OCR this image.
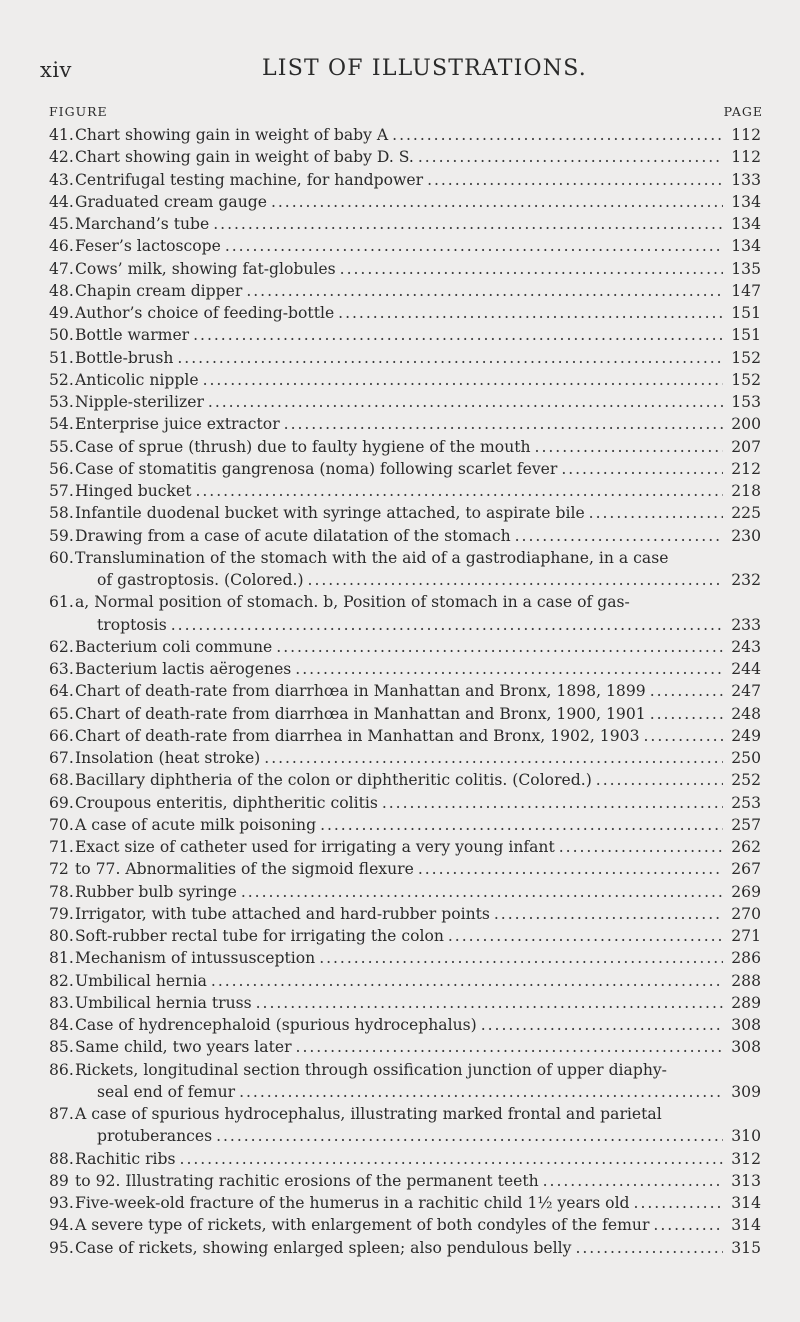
xiv	LIST OF ILLUSTRATIONS.
FIGURE	PAGE
41. Chart showing gain in weight of baby A . . .	112
42. Chart showing gain in weight of baby D. S. . . .	112
43. Centrifugal testing machine, for handpower . . .	133
44. Graduated cream gauge . . .	134
45. Marchand’s tube . . .	134
46. Feser’s lactoscope . . .	134
47. Cows’ milk, showing fat-globules . . .	135
48. Chapin cream dipper . . .	147
49. Author’s choice of feeding-bottle . . .	151
50. Bottle warmer . . .	151
51. Bottle-brush . . .	152
52. Anticolic nipple . . .	152
53. Nipple-sterilizer . . .	153
54. Enterprise juice extractor . . .	200
55. Case of sprue (thrush) due to faulty hygiene of the mouth . . .	207
56. Case of stomatitis gangrenosa (noma) following scarlet fever . . .	212
57. Hinged bucket . . .	218
58. Infantile duodenal bucket with syringe attached, to aspirate bile . . .	225
59. Drawing from a case of acute dilatation of the stomach . . .	230
60. Translumination of the stomach with the aid of a gastrodiaphane, in a case
of gastroptosis. (Colored.) . . .	232
61. a, Normal position of stomach. b, Position of stomach in a case of gas-
troptosis . . .	233
62. Bacterium coli commune . . .	243
63. Bacterium lactis aërogenes . . .	244
64. Chart of death-rate from diarrhœa in Manhattan and Bronx, 1898, 1899 . . .	247
65. Chart of death-rate from diarrhœa in Manhattan and Bronx, 1900, 1901 . . .	248
66. Chart of death-rate from diarrhea in Manhattan and Bronx, 1902, 1903 . . .	249
67. Insolation (heat stroke) . . .	250
68. Bacillary diphtheria of the colon or diphtheritic colitis. (Colored.) . . .	252
69. Croupous enteritis, diphtheritic colitis . . .	253
70. A case of acute milk poisoning . . .	257
71. Exact size of catheter used for irrigating a very young infant . . .	262
72 to 77. Abnormalities of the sigmoid flexure . . .	267
78. Rubber bulb syringe . . .	269
79. Irrigator, with tube attached and hard-rubber points . . .	270
80. Soft-rubber rectal tube for irrigating the colon . . .	271
81. Mechanism of intussusception . . .	286
82. Umbilical hernia . . .	288
83. Umbilical hernia truss . . .	289
84. Case of hydrencephaloid (spurious hydrocephalus) . . .	308
85. Same child, two years later . . .	308
86. Rickets, longitudinal section through ossification junction of upper diaphy-
seal end of femur . . .	309
87. A case of spurious hydrocephalus, illustrating marked frontal and parietal
protuberances . . .	310
88. Rachitic ribs . . .	312
89 to 92. Illustrating rachitic erosions of the permanent teeth . . .	313
93. Five-week-old fracture of the humerus in a rachitic child 1½ years old . . .	314
94. A severe type of rickets, with enlargement of both condyles of the femur . . .	314
95. Case of rickets, showing enlarged spleen; also pendulous belly . . .	315
